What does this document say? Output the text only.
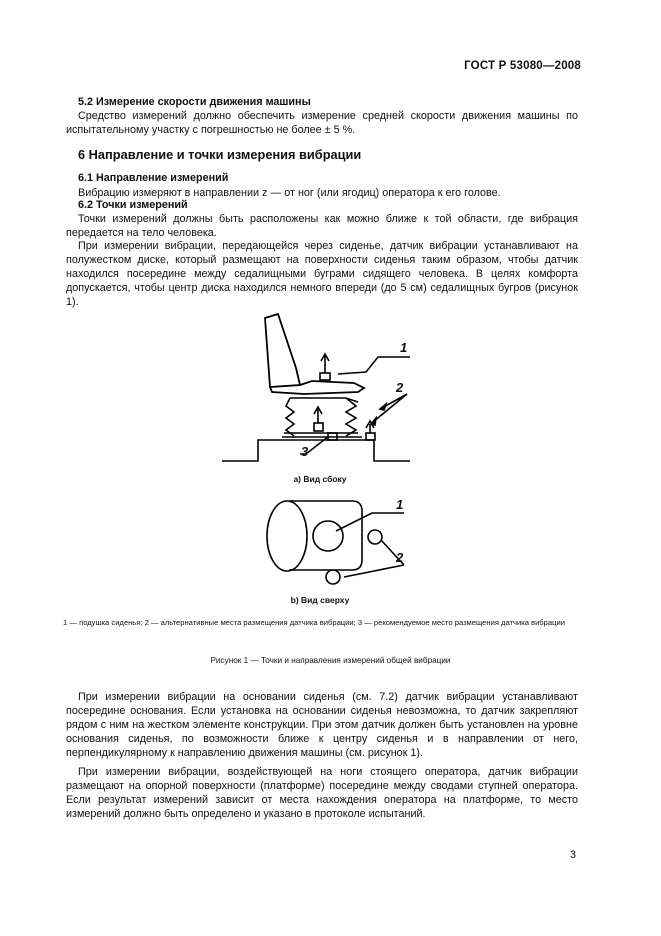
ГОСТ Р 53080—2008
5.2 Измерение скорости движения машины
Средство измерений должно обеспечить измерение средней скорости движения машины по испытательному участку с погрешностью не более ± 5 %.
6 Направление и точки измерения вибрации
6.1 Направление измерений
Вибрацию измеряют в направлении z — от ног (или ягодиц) оператора к его голове.
6.2 Точки измерений
Точки измерений должны быть расположены как можно ближе к той области, где вибрация передается на тело человека.
При измерении вибрации, передающейся через сиденье, датчик вибрации устанавливают на полужестком диске, который размещают на поверхности сиденья таким образом, чтобы датчик находился посередине между седалищными буграми сидящего человека. В целях комфорта допускается, чтобы центр диска находился немного впереди (до 5 см) седалищных бугров (рисунок 1).
1
2
3
1
2
а) Вид сбоку
b) Вид сверху
1 — подушка сиденья; 2 — альтернативные места размещения датчика вибрации; 3 — рекомендуемое место размещения датчика вибрации
Рисунок 1 — Точки и направления измерений общей вибрации
При измерении вибрации на основании сиденья (см. 7.2) датчик вибрации устанавливают посередине основания. Если установка на основании сиденья невозможна, то датчик закрепляют рядом с ним на жестком элементе конструкции. При этом датчик должен быть установлен на уровне основания сиденья, по возможности ближе к центру сиденья и в направлении от него, перпендикулярному к направлению движения машины (см. рисунок 1).
При измерении вибрации, воздействующей на ноги стоящего оператора, датчик вибрации размещают на опорной поверхности (платформе) посередине между сводами ступней оператора. Если результат измерений зависит от места нахождения оператора на платформе, то место измерений должно быть определено и указано в протоколе испытаний.
3
